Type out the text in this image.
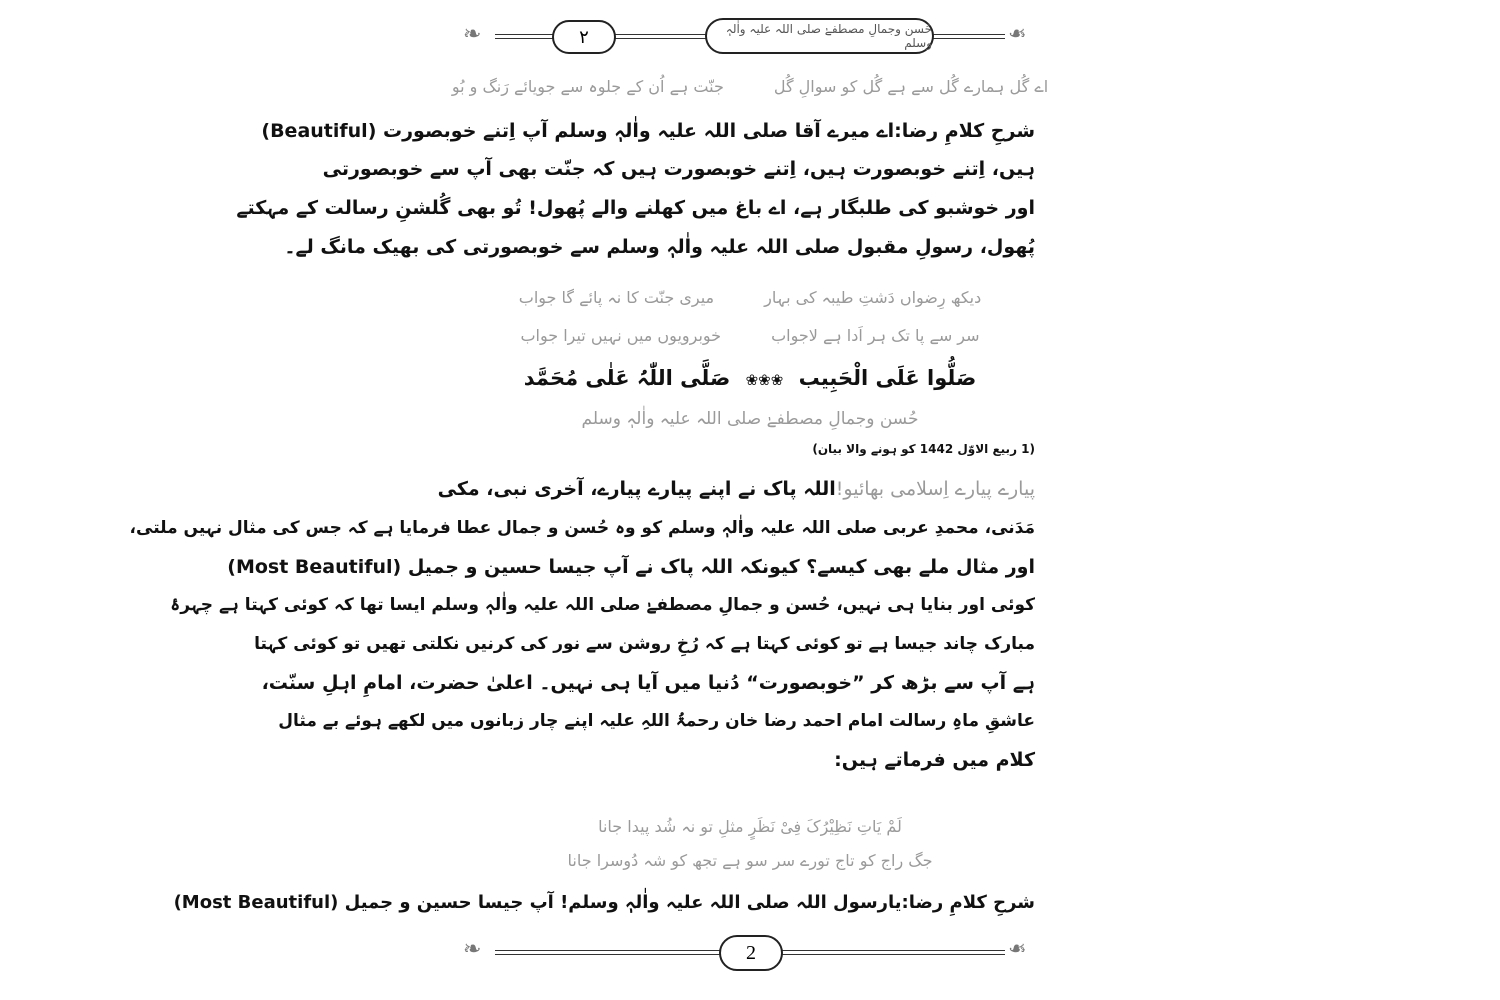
❧	❧
٢	حُسن وجمالِ مصطفےٰ صلی اللہ علیہ واٰلہٖ وسلم
اے گُل ہمارے گُل سے ہے گُل کو سوالِ گُل
جنّت ہے اُن کے جلوہ سے جویائے رَنگ و بُو
شرحِ کلامِ رضا:اے میرے آقا صلی اللہ علیہ واٰلہٖ وسلم آپ اِتنے خوبصورت (Beautiful)
ہیں، اِتنے خوبصورت ہیں، اِتنے خوبصورت ہیں کہ جنّت بھی آپ سے خوبصورتی
اور خوشبو کی طلبگار ہے، اے باغ میں کھلنے والے پُھول! تُو بھی گُلشنِ رسالت کے مہکتے
پُھول، رسولِ مقبول صلی اللہ علیہ واٰلہٖ وسلم سے خوبصورتی کی بھیک مانگ لے۔
دیکھ رِضواں دَشتِ طیبہ کی بہار
میری جنّت کا نہ پائے گا جواب
سر سے پا تک ہر اَدا ہے لاجواب
خوبرویوں میں نہیں تیرا جواب
صَلُّوا عَلَی الْحَبِیب ❀❀❀ صَلَّی اللّٰہُ عَلٰی مُحَمَّد
حُسن وجمالِ مصطفےٰ صلی اللہ علیہ واٰلہٖ وسلم
(1 ربیع الاوّل 1442 کو ہونے والا بیان)
پیارے پیارے اِسلامی بھائیو!اللہ پاک نے اپنے پیارے پیارے، آخری نبی، مکی
مَدَنی، محمدِ عربی صلی اللہ علیہ واٰلہٖ وسلم کو وہ حُسن و جمال عطا فرمایا ہے کہ جس کی مثال نہیں ملتی،
اور مثال ملے بھی کیسے؟ کیونکہ اللہ پاک نے آپ جیسا حسین و جمیل (Most Beautiful)
کوئی اور بنایا ہی نہیں، حُسن و جمالِ مصطفےٰ صلی اللہ علیہ واٰلہٖ وسلم ایسا تھا کہ کوئی کہتا ہے چہرۂ
مبارک چاند جیسا ہے تو کوئی کہتا ہے کہ رُخِ روشن سے نور کی کرنیں نکلتی تھیں تو کوئی کہتا
ہے آپ سے بڑھ کر ”خوبصورت“ دُنیا میں آیا ہی نہیں۔ اعلیٰ حضرت، امامِ اہلِ سنّت،
عاشقِ ماہِ رسالت امام احمد رضا خان رحمۃُ اللہِ علیہ اپنے چار زبانوں میں لکھے ہوئے بے مثال
کلام میں فرماتے ہیں:
لَمْ یَاتِ نَظِیْرُکَ فِیْ نَظَرٍ مثلِ تو نہ شُد پیدا جانا
جگ راج کو تاج تورے سر سو ہے تجھ کو شہ دُوسرا جانا
شرحِ کلامِ رضا:یارسول اللہ صلی اللہ علیہ واٰلہٖ وسلم! آپ جیسا حسین و جمیل (Most Beautiful)
❧	❧
2
